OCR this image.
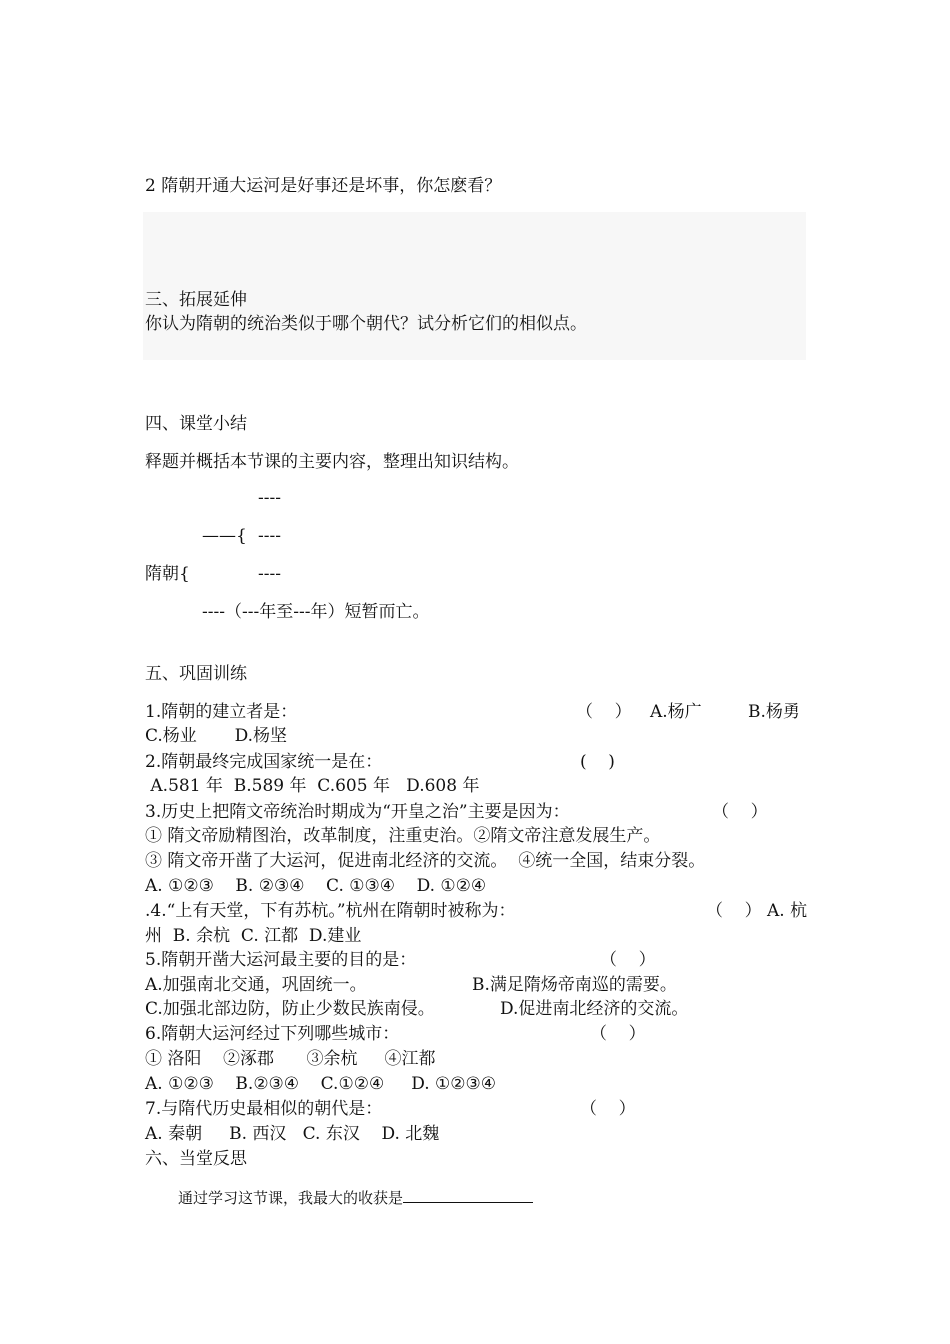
2 隋朝开通大运河是好事还是坏事，你怎麽看？
三、拓展延伸
你认为隋朝的统治类似于哪个朝代？试分析它们的相似点。
四、课堂小结
释题并概括本节课的主要内容，整理出知识结构。
----
——{ ----
隋朝{	----
----（---年至---年）短暂而亡。
五、巩固训练
1.隋朝的建立者是：	（    ） A.杨广	B.杨勇
C.杨业       D.杨坚
2.隋朝最终完成国家统一是在：	(    )
A.581 年  B.589 年  C.605 年   D.608 年
3.历史上把隋文帝统治时期成为“开皇之治”主要是因为：	（    ）
① 隋文帝励精图治，改革制度，注重吏治。②隋文帝注意发展生产。
③ 隋文帝开凿了大运河，促进南北经济的交流。  ④统一全国，结束分裂。
A. ①②③    B. ②③④    C. ①③④    D. ①②④
.4.“上有天堂，下有苏杭。”杭州在隋朝时被称为：	（    ） A. 杭
州  B. 余杭  C. 江都  D.建业
5.隋朝开凿大运河最主要的目的是：	（    ）
A.加强南北交通，巩固统一。	B.满足隋炀帝南巡的需要。
C.加强北部边防，防止少数民族南侵。	D.促进南北经济的交流。
6.隋朝大运河经过下列哪些城市：	（    ）
① 洛阳    ②涿郡      ③余杭     ④江都
A. ①②③    B.②③④    C.①②④     D. ①②③④
7.与隋代历史最相似的朝代是：	（    ）
A. 秦朝     B. 西汉   C. 东汉    D. 北魏
六、当堂反思
通过学习这节课，我最大的收获是
